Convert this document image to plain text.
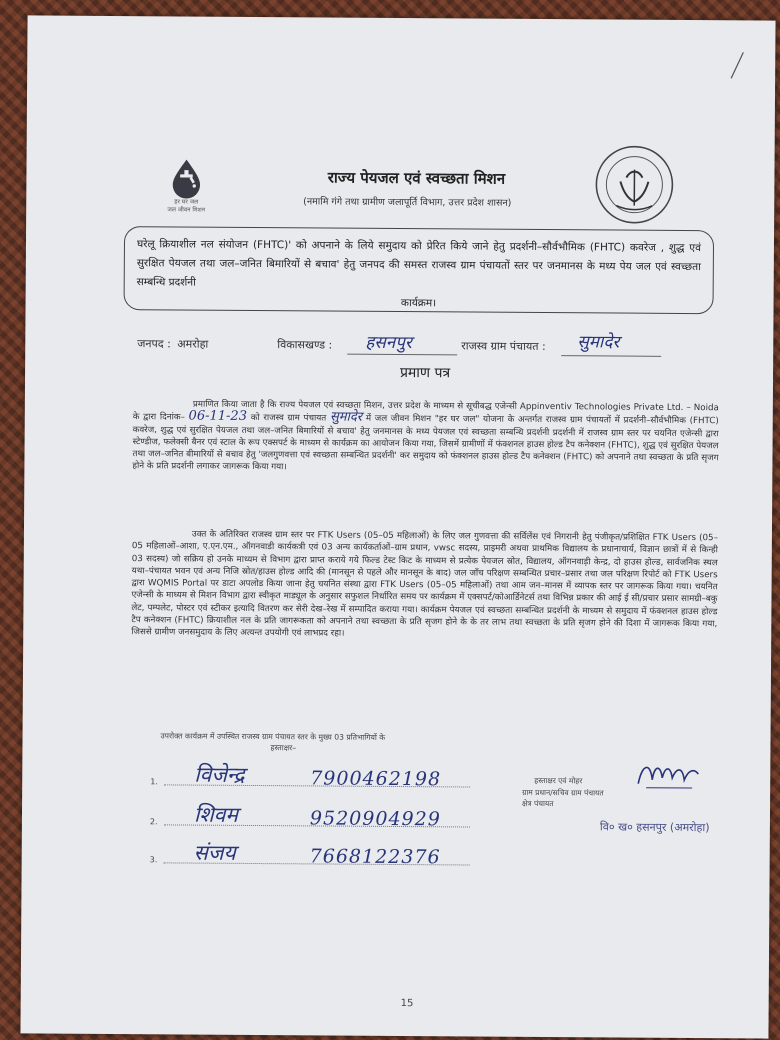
हर घर जल
जल जीवन मिशन
राज्य पेयजल एवं स्वच्छता मिशन
(नमामि गंगे तथा ग्रामीण जलापूर्ति विभाग, उत्तर प्रदेश शासन)
घरेलू क्रियाशील नल संयोजन (FHTC)' को अपनाने के लिये समुदाय को प्रेरित किये जाने हेतु प्रदर्शनी–सौर्वभौमिक (FHTC) कवरेज , शुद्ध एवं सुरक्षित पेयजल तथा जल–जनित बिमारियों से बचाव' हेतु जनपद की समस्त राजस्व ग्राम पंचायतों स्तर पर जनमानस के मध्य पेय जल एवं स्वच्छता सम्बन्धि प्रदर्शनी
कार्यक्रम।
जनपद : अमरोहा	विकासखण्ड : हसनपुर	राजस्व ग्राम पंचायत : सुमादेर
प्रमाण पत्र
प्रमाणित किया जाता है कि राज्य पेयजल एवं स्वच्छता मिशन, उत्तर प्रदेश के माध्यम से सूचीबद्ध एजेन्सी Appinventiv Technologies Private Ltd. – Noida के द्वारा दिनांक– 06-11-23 को राजस्व ग्राम पंचायत सुमादेर में जल जीवन मिशन "हर घर जल" योजना के अन्तर्गत राजस्व ग्राम पंचायतों में प्रदर्शनी–सौर्वभौमिक (FHTC) कवरेज, शुद्ध एवं सुरक्षित पेयजल तथा जल–जनित बिमारियों से बचाव' हेतु जनमानस के मध्य पेयजल एवं स्वच्छता सम्बन्धि प्रदर्शनी प्रदर्शनी में राजस्व ग्राम स्तर पर चयनित एजेन्सी द्वारा स्टेण्डीज, फलेक्सी बैनर एवं स्टाल के रूप एक्सपर्ट के माध्यम से कार्यक्रम का आयोजन किया गया, जिसमें ग्रामीणों में फंक्शनल हाउस होल्ड टैप कनेक्शन (FHTC), शुद्ध एवं सुरक्षित पेयजल तथा जल–जनित बीमारियों से बचाव हेतु 'जलगुणवत्ता एवं स्वच्छता सम्बन्धित प्रदर्शनी' कर समुदाय को फंक्शनल हाउस होल्ड टैप कनेक्शन (FHTC) को अपनाने तथा स्वच्छता के प्रति सृजग होने के प्रति प्रदर्शनी लगाकर जागरूक किया गया।
उक्त के अतिरिक्त राजस्व ग्राम स्तर पर FTK Users (05–05 महिलाओं) के लिए जल गुणवत्ता की सर्विलेंस एवं निगरानी हेतु पंजीकृत/प्रशिक्षित FTK Users (05–05 महिलाओं–आशा, ए.एन.एम., ऑगनवाडी कार्यकत्री एवं 03 अन्य कार्यकर्ताओं–ग्राम प्रधान, vwsc सदस्य, प्राइमरी अथवा प्राथमिक विद्यालय के प्रधानाचार्य, विज्ञान छात्रों में से किन्ही 03 सदस्य) जो सक्रिय हो उनके माध्यम से विभाग द्वारा प्राप्त कराये गये फिल्ड टेस्ट किट के माध्यम से प्रत्येक पेयजल स्रोत, विद्यालय, ऑगनवाड़ी केन्द्र, दो हाउस होल्ड, सार्वजनिक स्थल यथा–पंचायत भवन एवं अन्य निजि स्रोत/हाउस होल्ड आदि की (मानसून से पहले और मानसून के बाद) जल जाँच परिक्षण सम्बन्धित प्रचार–प्रसार तथा जल परिक्षण रिपोर्ट को FTK Users द्वारा WQMIS Portal पर डाटा अपलोड किया जाना हेतु चयनित संस्था द्वारा FTK Users (05–05 महिलाओं) तथा आम जन–मानस में व्यापक स्तर पर जागरूक किया गया। चयनित एजेन्सी के माध्यम से मिशन विभाग द्वारा स्वीकृत माड्यूल के अनुसार सफुशल निर्धारित समय पर कार्यक्रम में एक्सपर्ट/कोआर्डिनेटर्स तथा विभिन्न प्रकार की आई ई सी/प्रचार प्रसार सामग्री–बकु लेट, पम्पलेट, पोस्टर एवं स्टीकर इत्यादि वितरण कर सेरी देख–रेख में सम्पादित कराया गया। कार्यक्रम पेयजल एवं स्वच्छता सम्बन्धित प्रदर्शनी के माध्यम से समुदाय में फंक्शनल हाउस होल्ड टैप कनेक्शन (FHTC) क्रियाशील नल के प्रति जागरूकता को अपनाने तथा स्वच्छता के प्रति सृजग होने के के तर लाभ तथा स्वच्छता के प्रति सृजग होने की दिशा में जागरूक किया गया, जिससे ग्रामीण जनसमुदाय के लिए अत्यन्त उपयोगी एवं लाभप्रद रहा।
उपरोक्त कार्यक्रम में उपस्थित राजस्व ग्राम पंचायत स्तर के मुख्य 03 प्रतिभागियों के
हस्ताक्षर–
1. विजेन्द्र	7900462198
2. शिवम	9520904929
3. संजय	7668122376
हस्ताक्षर एवं मोहर
ग्राम प्रधान/सचिव ग्राम पंचायत
क्षेत्र पंचायत
वि० ख० हसनपुर (अमरोहा)
15
